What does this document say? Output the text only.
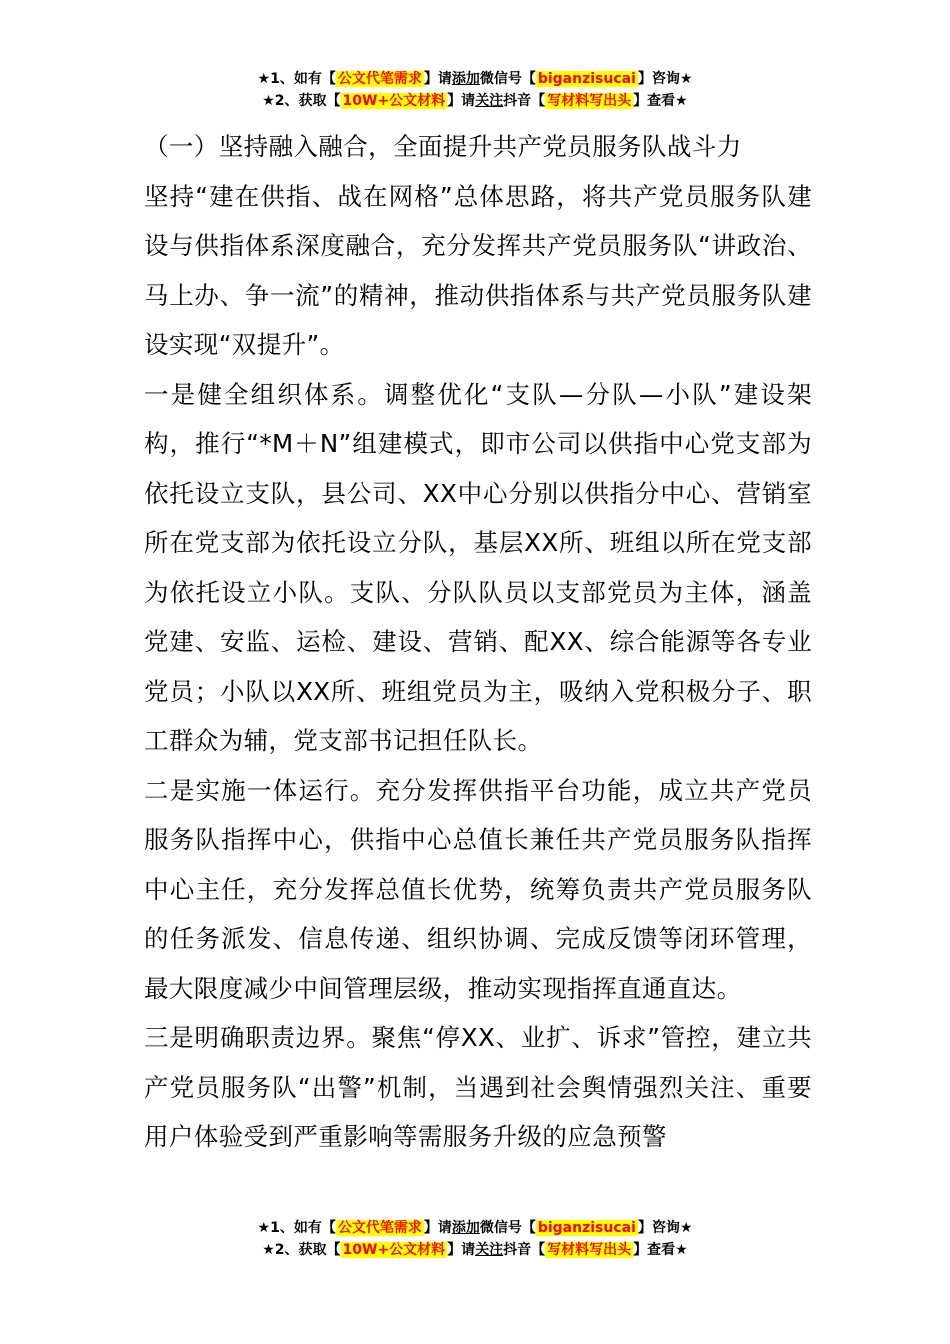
★1、如有【 公文代笔需求 】请添加微信号【 biganzisucai 】咨询★
★2、获取【 10W+公文材料 】请关注抖音【 写材料写出头 】查看★

（一）坚持融入融合，全面提升共产党员服务队战斗力

坚持“建在供指、战在网格”总体思路，将共产党员服务队建设与供指体系深度融合，充分发挥共产党员服务队“讲政治、马上办、争一流”的精神，推动供指体系与共产党员服务队建设实现“双提升”。

一是健全组织体系。调整优化“支队—分队—小队”建设架构，推行“*M＋N”组建模式，即市公司以供指中心党支部为依托设立支队，县公司、XX中心分别以供指分中心、营销室所在党支部为依托设立分队，基层XX所、班组以所在党支部为依托设立小队。支队、分队队员以支部党员为主体，涵盖党建、安监、运检、建设、营销、配XX、综合能源等各专业党员；小队以XX所、班组党员为主，吸纳入党积极分子、职工群众为辅，党支部书记担任队长。

二是实施一体运行。充分发挥供指平台功能，成立共产党员服务队指挥中心，供指中心总值长兼任共产党员服务队指挥中心主任，充分发挥总值长优势，统筹负责共产党员服务队的任务派发、信息传递、组织协调、完成反馈等闭环管理，最大限度减少中间管理层级，推动实现指挥直通直达。

三是明确职责边界。聚焦“停XX、业扩、诉求”管控，建立共产党员服务队“出警”机制，当遇到社会舆情强烈关注、重要用户体验受到严重影响等需服务升级的应急预警

★1、如有【 公文代笔需求 】请添加微信号【 biganzisucai 】咨询★
★2、获取【 10W+公文材料 】请关注抖音【 写材料写出头 】查看★
